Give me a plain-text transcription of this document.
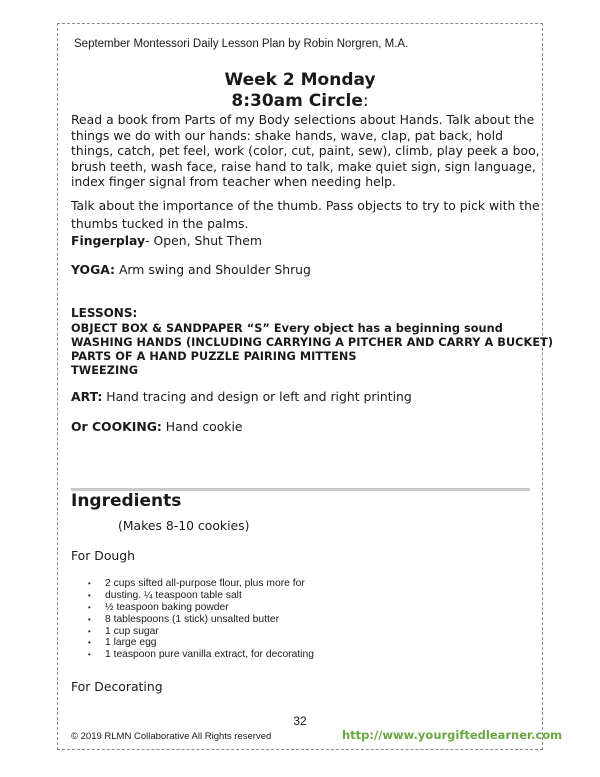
September Montessori Daily Lesson Plan by Robin Norgren, M.A.
Week 2 Monday
8:30am Circle:
Read a book from Parts of my Body selections about Hands. Talk about the things we do with our hands: shake hands, wave, clap, pat back, hold things, catch, pet feel, work (color, cut, paint, sew), climb, play peek a boo, brush teeth, wash face, raise hand to talk, make quiet sign, sign language, index finger signal from teacher when needing help.
Talk about the importance of the thumb. Pass objects to try to pick with the thumbs tucked in the palms.
Fingerplay- Open, Shut Them
YOGA: Arm swing and Shoulder Shrug
LESSONS:
OBJECT BOX & SANDPAPER “S” Every object has a beginning sound
WASHING HANDS (INCLUDING CARRYING A PITCHER AND CARRY A BUCKET)
PARTS OF A HAND PUZZLE PAIRING MITTENS
TWEEZING
ART: Hand tracing and design or left and right printing
Or COOKING: Hand cookie
Ingredients
(Makes 8-10 cookies)
For Dough
•	2 cups sifted all-purpose flour, plus more for
•	dusting. ¼ teaspoon table salt
•	½ teaspoon baking powder
•	8 tablespoons (1 stick) unsalted butter
•	1 cup sugar
•	1 large egg
•	1 teaspoon pure vanilla extract, for decorating
For Decorating
32
© 2019 RLMN Collaborative All Rights reserved	http://www.yourgiftedlearner.com
